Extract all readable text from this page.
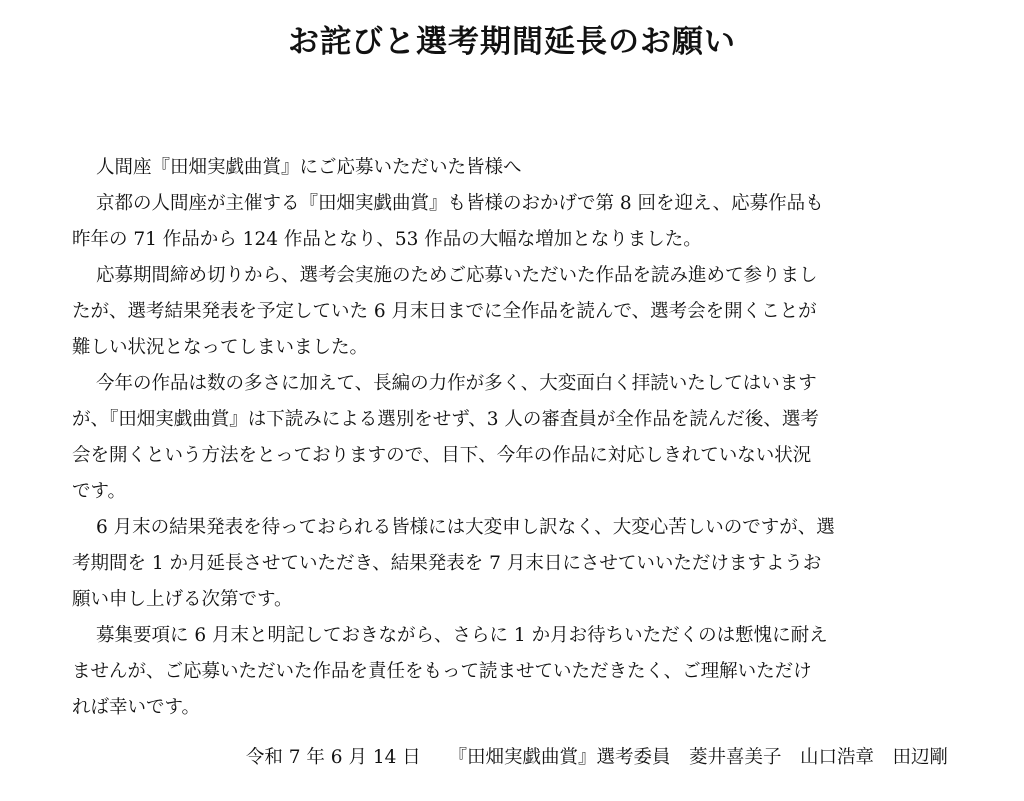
お詫びと選考期間延長のお願い
人間座『田畑実戯曲賞』にご応募いただいた皆様へ
京都の人間座が主催する『田畑実戯曲賞』も皆様のおかげで第 8 回を迎え、応募作品も
昨年の 71 作品から 124 作品となり、53 作品の大幅な増加となりました。
応募期間締め切りから、選考会実施のためご応募いただいた作品を読み進めて参りまし
たが、選考結果発表を予定していた 6 月末日までに全作品を読んで、選考会を開くことが
難しい状況となってしまいました。
今年の作品は数の多さに加えて、長編の力作が多く、大変面白く拝読いたしてはいます
が、『田畑実戯曲賞』は下読みによる選別をせず、3 人の審査員が全作品を読んだ後、選考
会を開くという方法をとっておりますので、目下、今年の作品に対応しきれていない状況
です。
6 月末の結果発表を待っておられる皆様には大変申し訳なく、大変心苦しいのですが、選
考期間を 1 か月延長させていただき、結果発表を 7 月末日にさせていいただけますようお
願い申し上げる次第です。
募集要項に 6 月末と明記しておきながら、さらに 1 か月お待ちいただくのは慙愧に耐え
ませんが、ご応募いただいた作品を責任をもって読ませていただきたく、ご理解いただけ
れば幸いです。
令和 7 年 6 月 14 日　　『田畑実戯曲賞』選考委員　菱井喜美子　山口浩章　田辺剛
